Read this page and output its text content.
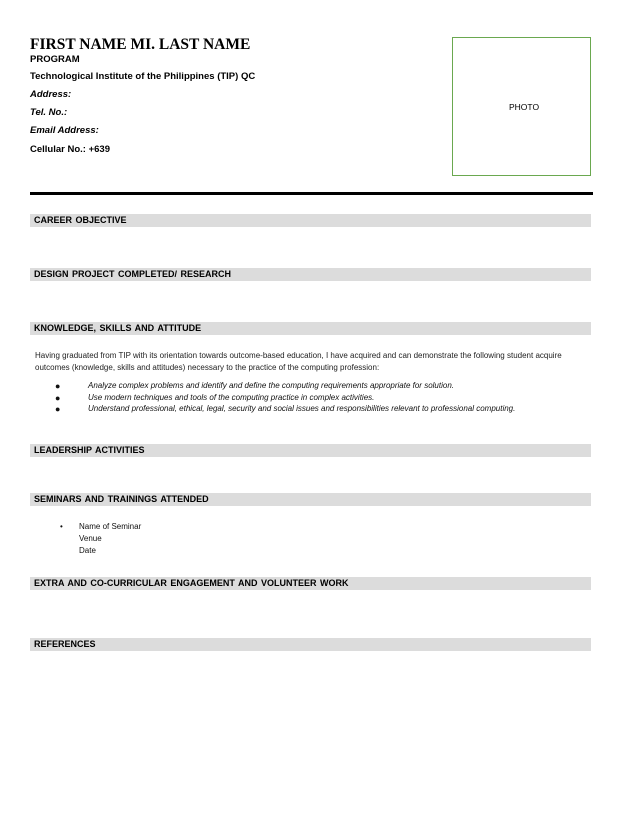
FIRST NAME MI. LAST NAME
PROGRAM
Technological Institute of the Philippines (TIP) QC
Address:
Tel. No.:
Email Address:
Cellular No.: +639
PHOTO
CAREER OBJECTIVE
DESIGN PROJECT COMPLETED/ RESEARCH
KNOWLEDGE, SKILLS AND ATTITUDE
Having graduated from TIP with its orientation towards outcome-based education, I have acquired and can demonstrate the following student acquire outcomes (knowledge, skills and attitudes) necessary to the practice of the computing profession:
●	Analyze complex problems and identify and define the computing requirements appropriate for solution.
●	Use modern techniques and tools of the computing practice in complex activities.
●	Understand professional, ethical, legal, security and social issues and responsibilities relevant to professional computing.
LEADERSHIP ACTIVITIES
SEMINARS AND TRAININGS ATTENDED
• Name of Seminar
Venue
Date
EXTRA AND CO-CURRICULAR ENGAGEMENT AND VOLUNTEER WORK
REFERENCES
